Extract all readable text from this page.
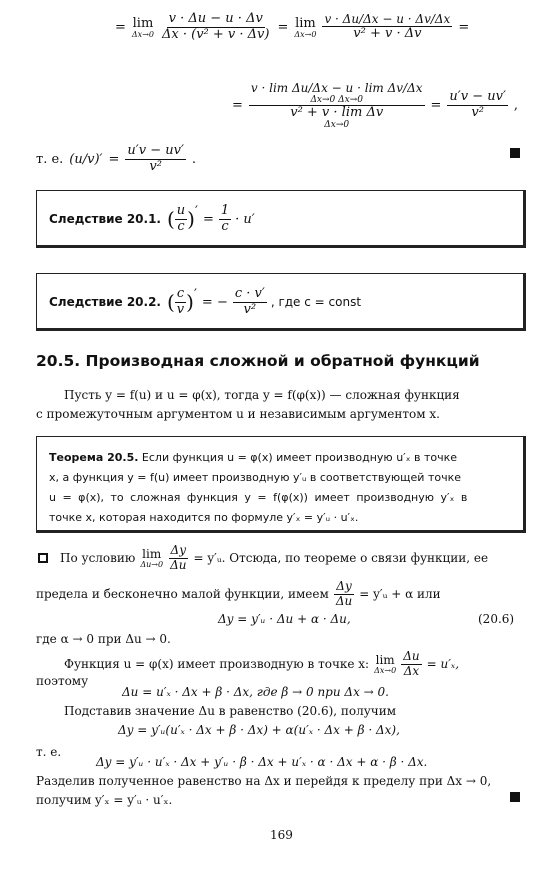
= lim
$\Delta x\to 0 \frac{v \cdot \Delta u - u \cdot \Delta v}{\text{Δx · (v² + v · Δv)}} = \lim$
$\Delta x\to 0 \frac{v \cdot \Delta u/\Delta x - u \cdot \Delta v/\Delta x}{\text{v² + v · Δv}}$ =
= v · lim Δu/Δx − u · lim Δv/Δx
Δx→0 Δx→0
v² + v · lim Δv
$\Delta x\to 0 = \frac{u'v - uv'}{\text{v²}}$ ,
т. е. $(u/v)' = \frac{u'v - uv'}{\text{v²}}$ .
Следствие 20.1. ( $\frac{u}{c}$ ) ′
= $\frac{1}{c} \cdot u'$
Следствие 20.2. ( $\frac{c}{v}$ ) ′
= − $\frac{c \cdot v'}{\text{v²}}$ , где c = const
20.5. Производная сложной и обратной функций
Пусть y = f(u) и u = φ(x), тогда y = f(φ(x)) — сложная функция
с промежуточным аргументом u и независимым аргументом x.
Теорема 20.5. Если функция u = φ(x) имеет производную u′ₓ в точке
x, а функция y = f(u) имеет производную y′ᵤ в соответствующей точке
u = φ(x), то сложная функция y = f(φ(x)) имеет производную y′ₓ в
точке x, которая находится по формуле y′ₓ = y′ᵤ · u′ₓ.
По условию lim
$\Delta u\to 0 \frac{\Delta y}{\Delta u}$ = y′ᵤ. Отсюда, по теореме о связи функции, ее
предела и бесконечно малой функции, имеем $\frac{\Delta y}{\Delta u}$ = y′ᵤ + α или
Δy = y′ᵤ · Δu + α · Δu,	(20.6)
где α → 0 при Δu → 0.
Функция u = φ(x) имеет производную в точке x: lim
$\Delta x\to 0 \frac{\Delta u}{\Delta x} = u'_x$,
поэтому
Δu = u′ₓ · Δx + β · Δx, где β → 0 при Δx → 0.
Подставив значение Δu в равенство (20.6), получим
Δy = y′ᵤ(u′ₓ · Δx + β · Δx) + α(u′ₓ · Δx + β · Δx),
т. е.
Δy = y′ᵤ · u′ₓ · Δx + y′ᵤ · β · Δx + u′ₓ · α · Δx + α · β · Δx.
Разделив полученное равенство на Δx и перейдя к пределу при Δx → 0,
получим y′ₓ = y′ᵤ · u′ₓ.
169
